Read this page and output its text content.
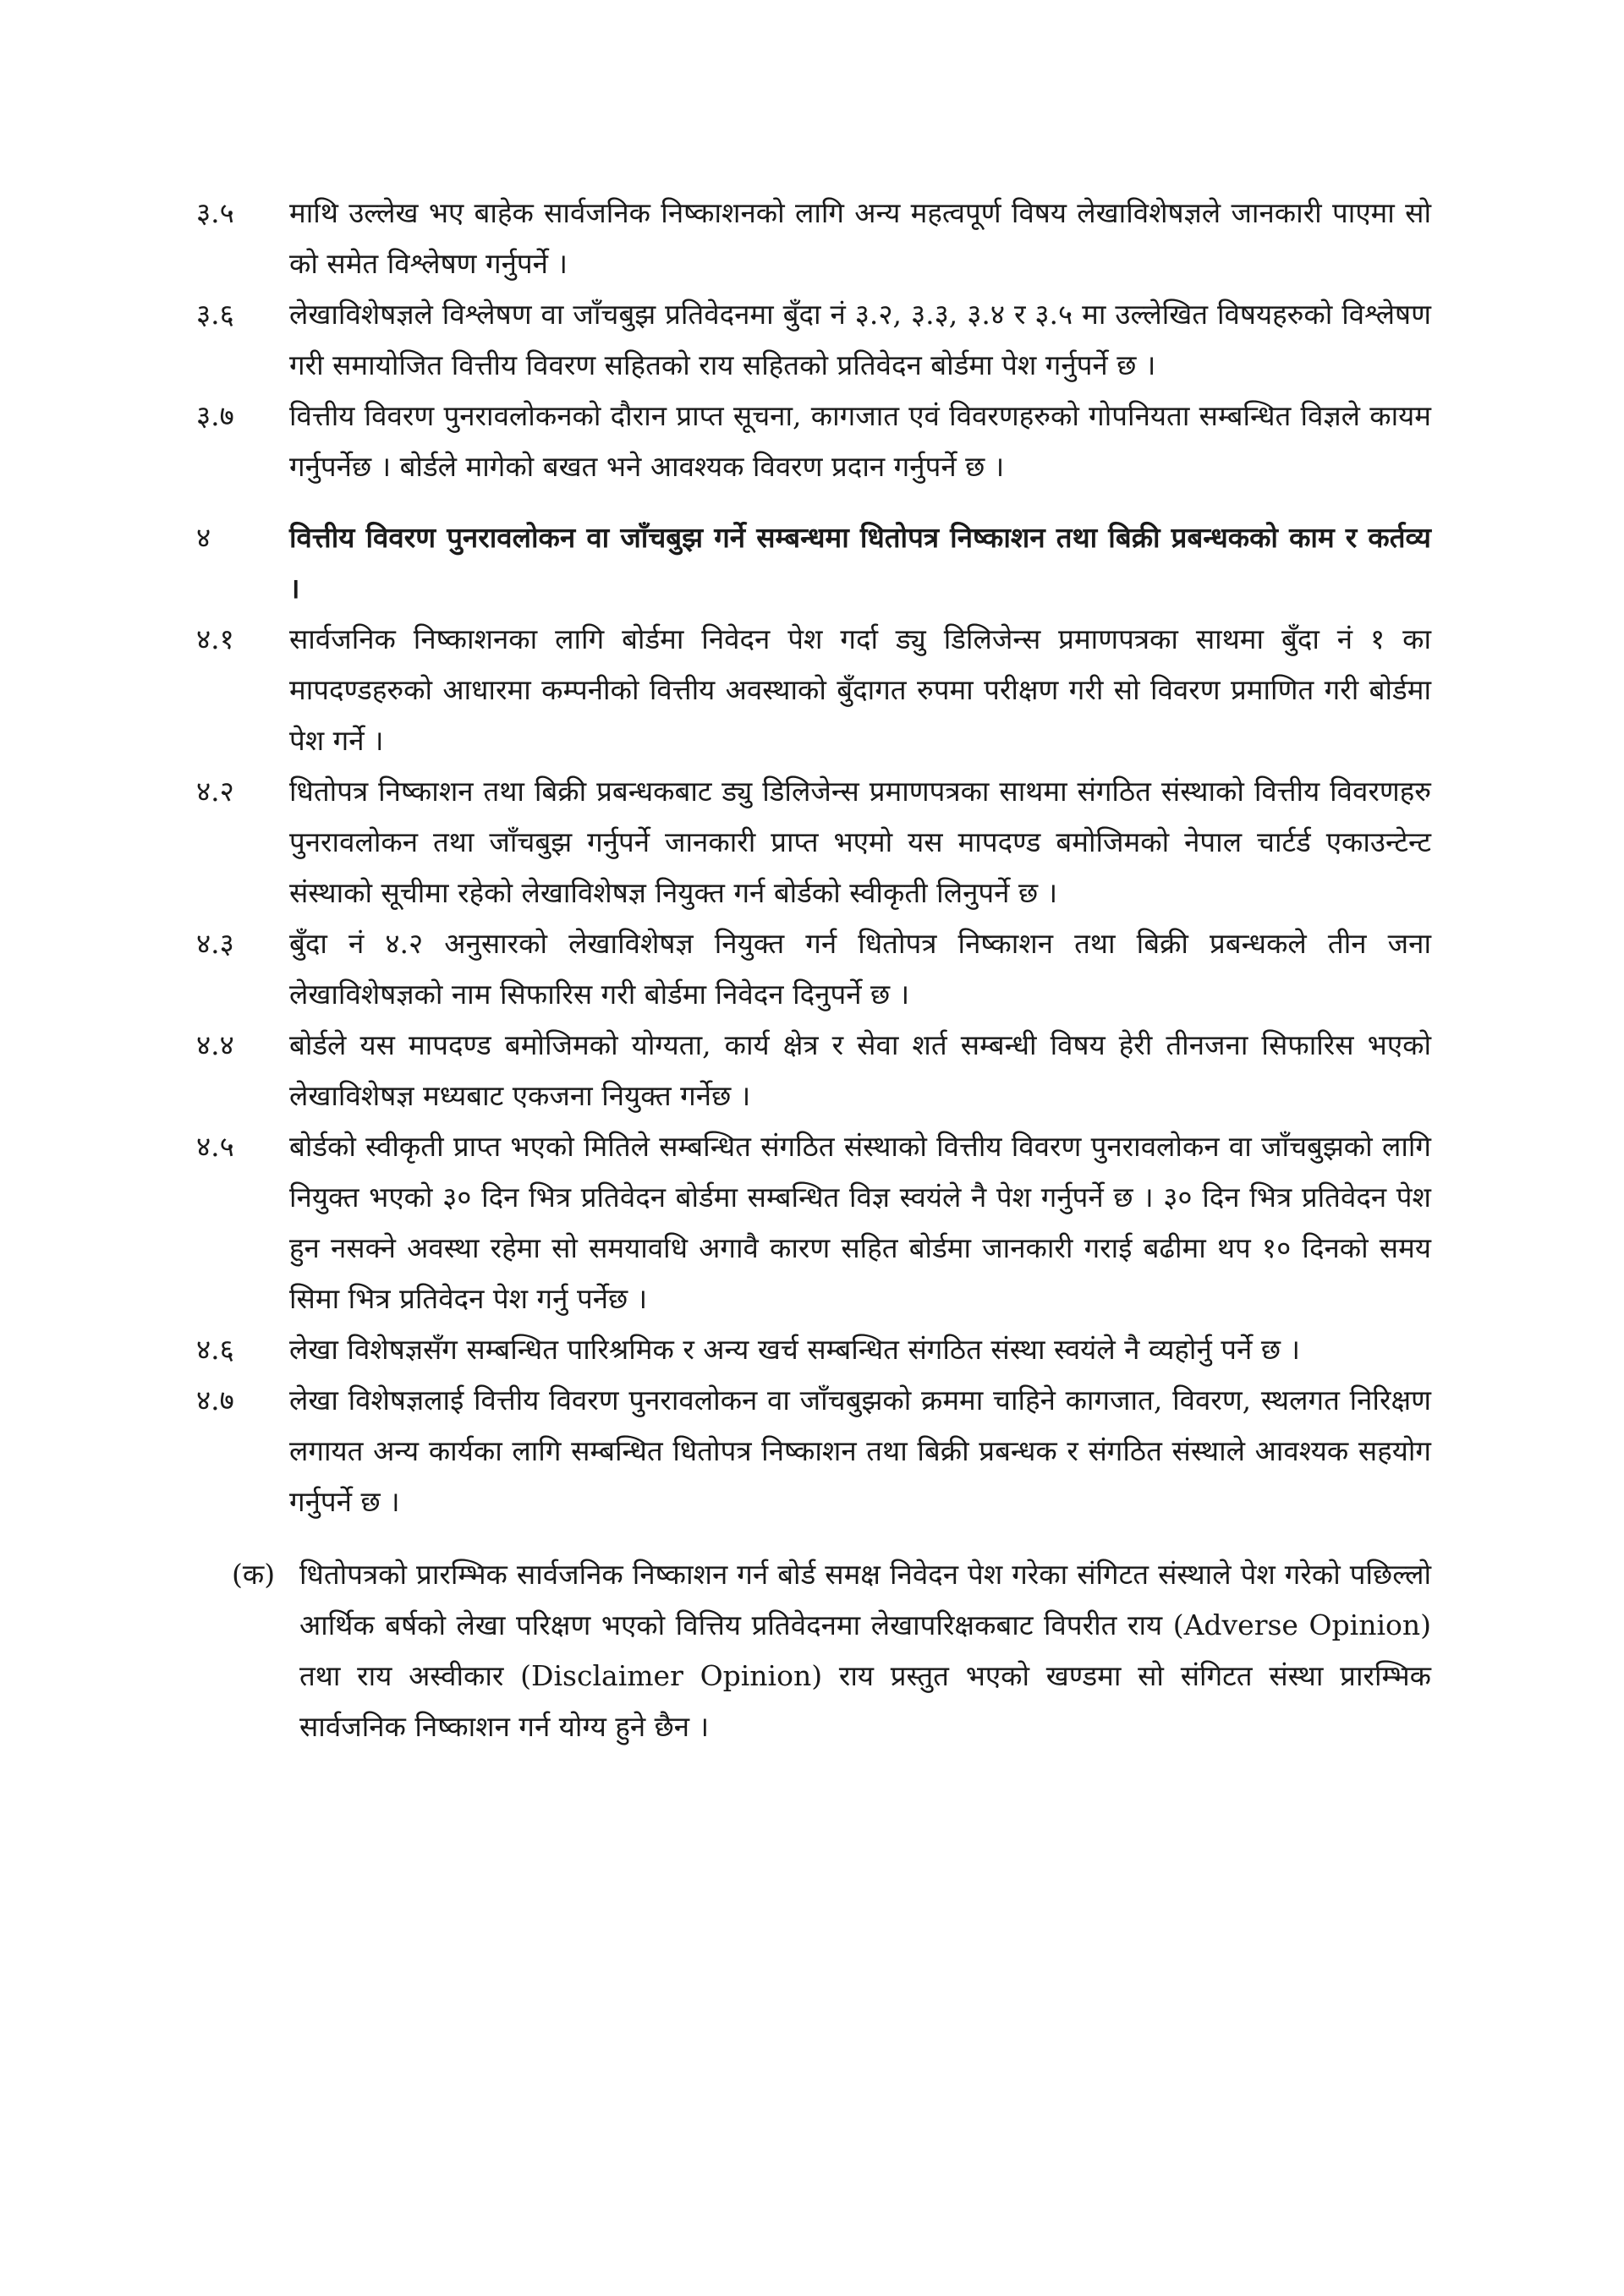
३.५	माथि उल्लेख भए बाहेक सार्वजनिक निष्काशनको लागि अन्य महत्वपूर्ण विषय लेखाविशेषज्ञले जानकारी पाएमा सो को समेत विश्लेषण गर्नुपर्ने ।
३.६	लेखाविशेषज्ञले विश्लेषण वा जाँचबुझ प्रतिवेदनमा बुँदा नं ३.२, ३.३, ३.४ र ३.५ मा उल्लेखित विषयहरुको विश्लेषण गरी समायोजित वित्तीय विवरण सहितको राय सहितको प्रतिवेदन बोर्डमा पेश गर्नुपर्ने छ ।
३.७	वित्तीय विवरण पुनरावलोकनको दौरान प्राप्त सूचना, कागजात एवं विवरणहरुको गोपनियता सम्बन्धित विज्ञले कायम गर्नुपर्नेछ । बोर्डले मागेको बखत भने आवश्यक विवरण प्रदान गर्नुपर्ने छ ।
४	वित्तीय विवरण पुनरावलोकन वा जाँचबुझ गर्ने सम्बन्धमा धितोपत्र निष्काशन तथा बिक्री प्रबन्धकको काम र कर्तव्य ।
४.१	सार्वजनिक निष्काशनका लागि बोर्डमा निवेदन पेश गर्दा ड्यु डिलिजेन्स प्रमाणपत्रका साथमा बुँदा नं १ का मापदण्डहरुको आधारमा कम्पनीको वित्तीय अवस्थाको बुँदागत रुपमा परीक्षण गरी सो विवरण प्रमाणित गरी बोर्डमा पेश गर्ने ।
४.२	धितोपत्र निष्काशन तथा बिक्री प्रबन्धकबाट ड्यु डिलिजेन्स प्रमाणपत्रका साथमा संगठित संस्थाको वित्तीय विवरणहरु पुनरावलोकन तथा जाँचबुझ गर्नुपर्ने जानकारी प्राप्त भएमो यस मापदण्ड बमोजिमको नेपाल चार्टर्ड एकाउन्टेन्ट संस्थाको सूचीमा रहेको लेखाविशेषज्ञ नियुक्त गर्न बोर्डको स्वीकृती लिनुपर्ने छ ।
४.३	बुँदा नं ४.२ अनुसारको लेखाविशेषज्ञ नियुक्त गर्न धितोपत्र निष्काशन तथा बिक्री प्रबन्धकले तीन जना लेखाविशेषज्ञको नाम सिफारिस गरी बोर्डमा निवेदन दिनुपर्ने छ ।
४.४	बोर्डले यस मापदण्ड बमोजिमको योग्यता, कार्य क्षेत्र र सेवा शर्त सम्बन्धी विषय हेरी तीनजना सिफारिस भएको लेखाविशेषज्ञ मध्यबाट एकजना नियुक्त गर्नेछ ।
४.५	बोर्डको स्वीकृती प्राप्त भएको मितिले सम्बन्धित संगठित संस्थाको वित्तीय विवरण पुनरावलोकन वा जाँचबुझको लागि नियुक्त भएको ३० दिन भित्र प्रतिवेदन बोर्डमा सम्बन्धित विज्ञ स्वयंले नै पेश गर्नुपर्ने छ । ३० दिन भित्र प्रतिवेदन पेश हुन नसक्ने अवस्था रहेमा सो समयावधि अगावै कारण सहित बोर्डमा जानकारी गराई बढीमा थप १० दिनको समय सिमा भित्र प्रतिवेदन पेश गर्नु पर्नेछ ।
४.६	लेखा विशेषज्ञसँग सम्बन्धित पारिश्रमिक र अन्य खर्च सम्बन्धित संगठित संस्था स्वयंले नै व्यहोर्नु पर्ने छ ।
४.७	लेखा विशेषज्ञलाई वित्तीय विवरण पुनरावलोकन वा जाँचबुझको क्रममा चाहिने कागजात, विवरण, स्थलगत निरिक्षण लगायत अन्य कार्यका लागि सम्बन्धित धितोपत्र निष्काशन तथा बिक्री प्रबन्धक र संगठित संस्थाले आवश्यक सहयोग गर्नुपर्ने छ ।
(क) धितोपत्रको प्रारम्भिक सार्वजनिक निष्काशन गर्न बोर्ड समक्ष निवेदन पेश गरेका संगिटत संस्थाले पेश गरेको पछिल्लो आर्थिक बर्षको लेखा परिक्षण भएको वित्तिय प्रतिवेदनमा लेखापरिक्षकबाट विपरीत राय (Adverse Opinion) तथा राय अस्वीकार (Disclaimer Opinion) राय प्रस्तुत भएको खण्डमा सो संगिटत संस्था प्रारम्भिक सार्वजनिक निष्काशन गर्न योग्य हुने छैन ।
